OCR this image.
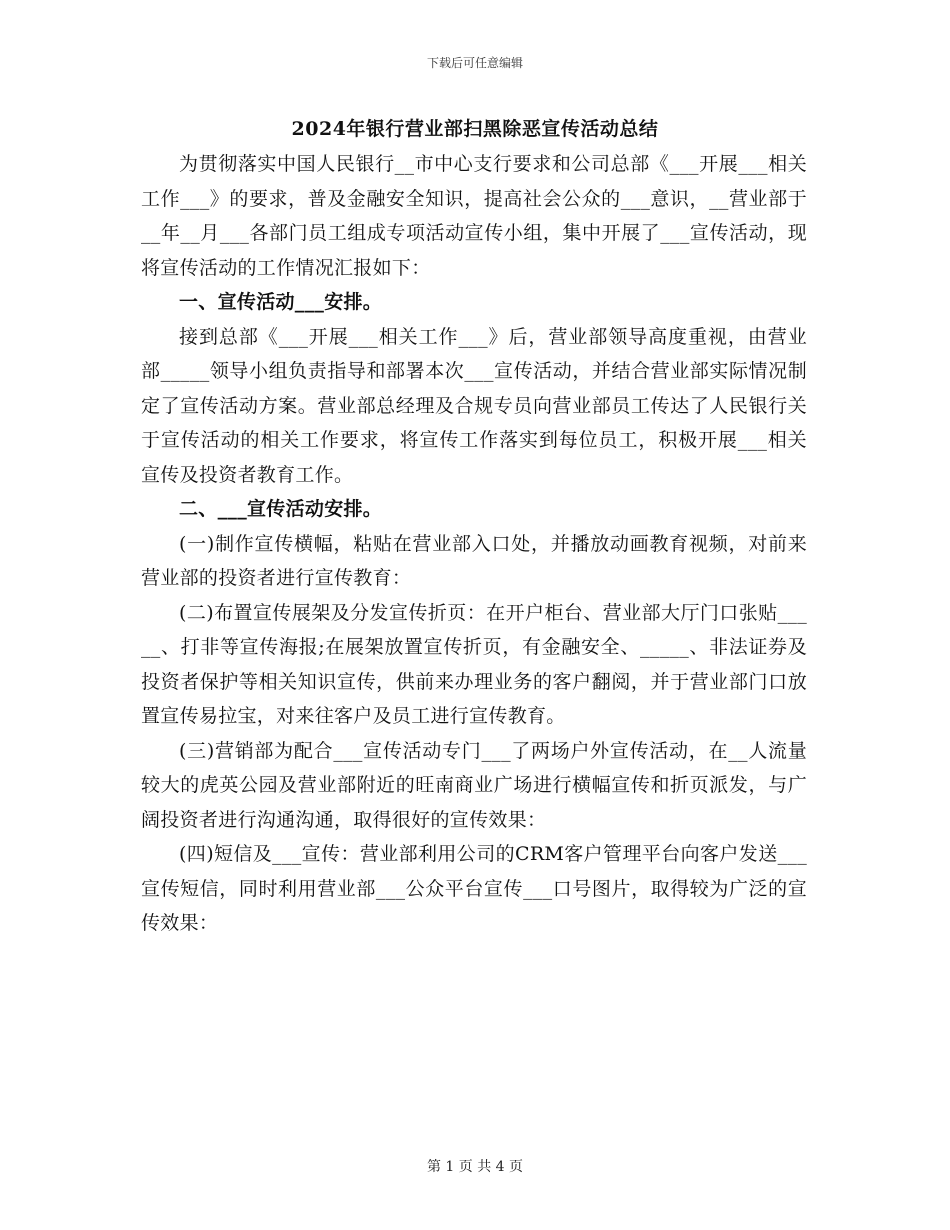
下载后可任意编辑
2024年银行营业部扫黑除恶宣传活动总结

为贯彻落实中国人民银行__市中心支行要求和公司总部《___开展___相关工作___》的要求，普及金融安全知识，提高社会公众的___意识，__营业部于__年__月___各部门员工组成专项活动宣传小组，集中开展了___宣传活动，现将宣传活动的工作情况汇报如下：

一、宣传活动___安排。

接到总部《___开展___相关工作___》后，营业部领导高度重视，由营业部_____领导小组负责指导和部署本次___宣传活动，并结合营业部实际情况制定了宣传活动方案。营业部总经理及合规专员向营业部员工传达了人民银行关于宣传活动的相关工作要求，将宣传工作落实到每位员工，积极开展___相关宣传及投资者教育工作。

二、___宣传活动安排。

(一)制作宣传横幅，粘贴在营业部入口处，并播放动画教育视频，对前来营业部的投资者进行宣传教育：

(二)布置宣传展架及分发宣传折页：在开户柜台、营业部大厅门口张贴_____、打非等宣传海报;在展架放置宣传折页，有金融安全、_____、非法证券及投资者保护等相关知识宣传，供前来办理业务的客户翻阅，并于营业部门口放置宣传易拉宝，对来往客户及员工进行宣传教育。

(三)营销部为配合___宣传活动专门___了两场户外宣传活动，在__人流量较大的虎英公园及营业部附近的旺南商业广场进行横幅宣传和折页派发，与广阔投资者进行沟通沟通，取得很好的宣传效果：

(四)短信及___宣传：营业部利用公司的CRM客户管理平台向客户发送___宣传短信，同时利用营业部___公众平台宣传___口号图片，取得较为广泛的宣传效果：

第 1 页 共 4 页
